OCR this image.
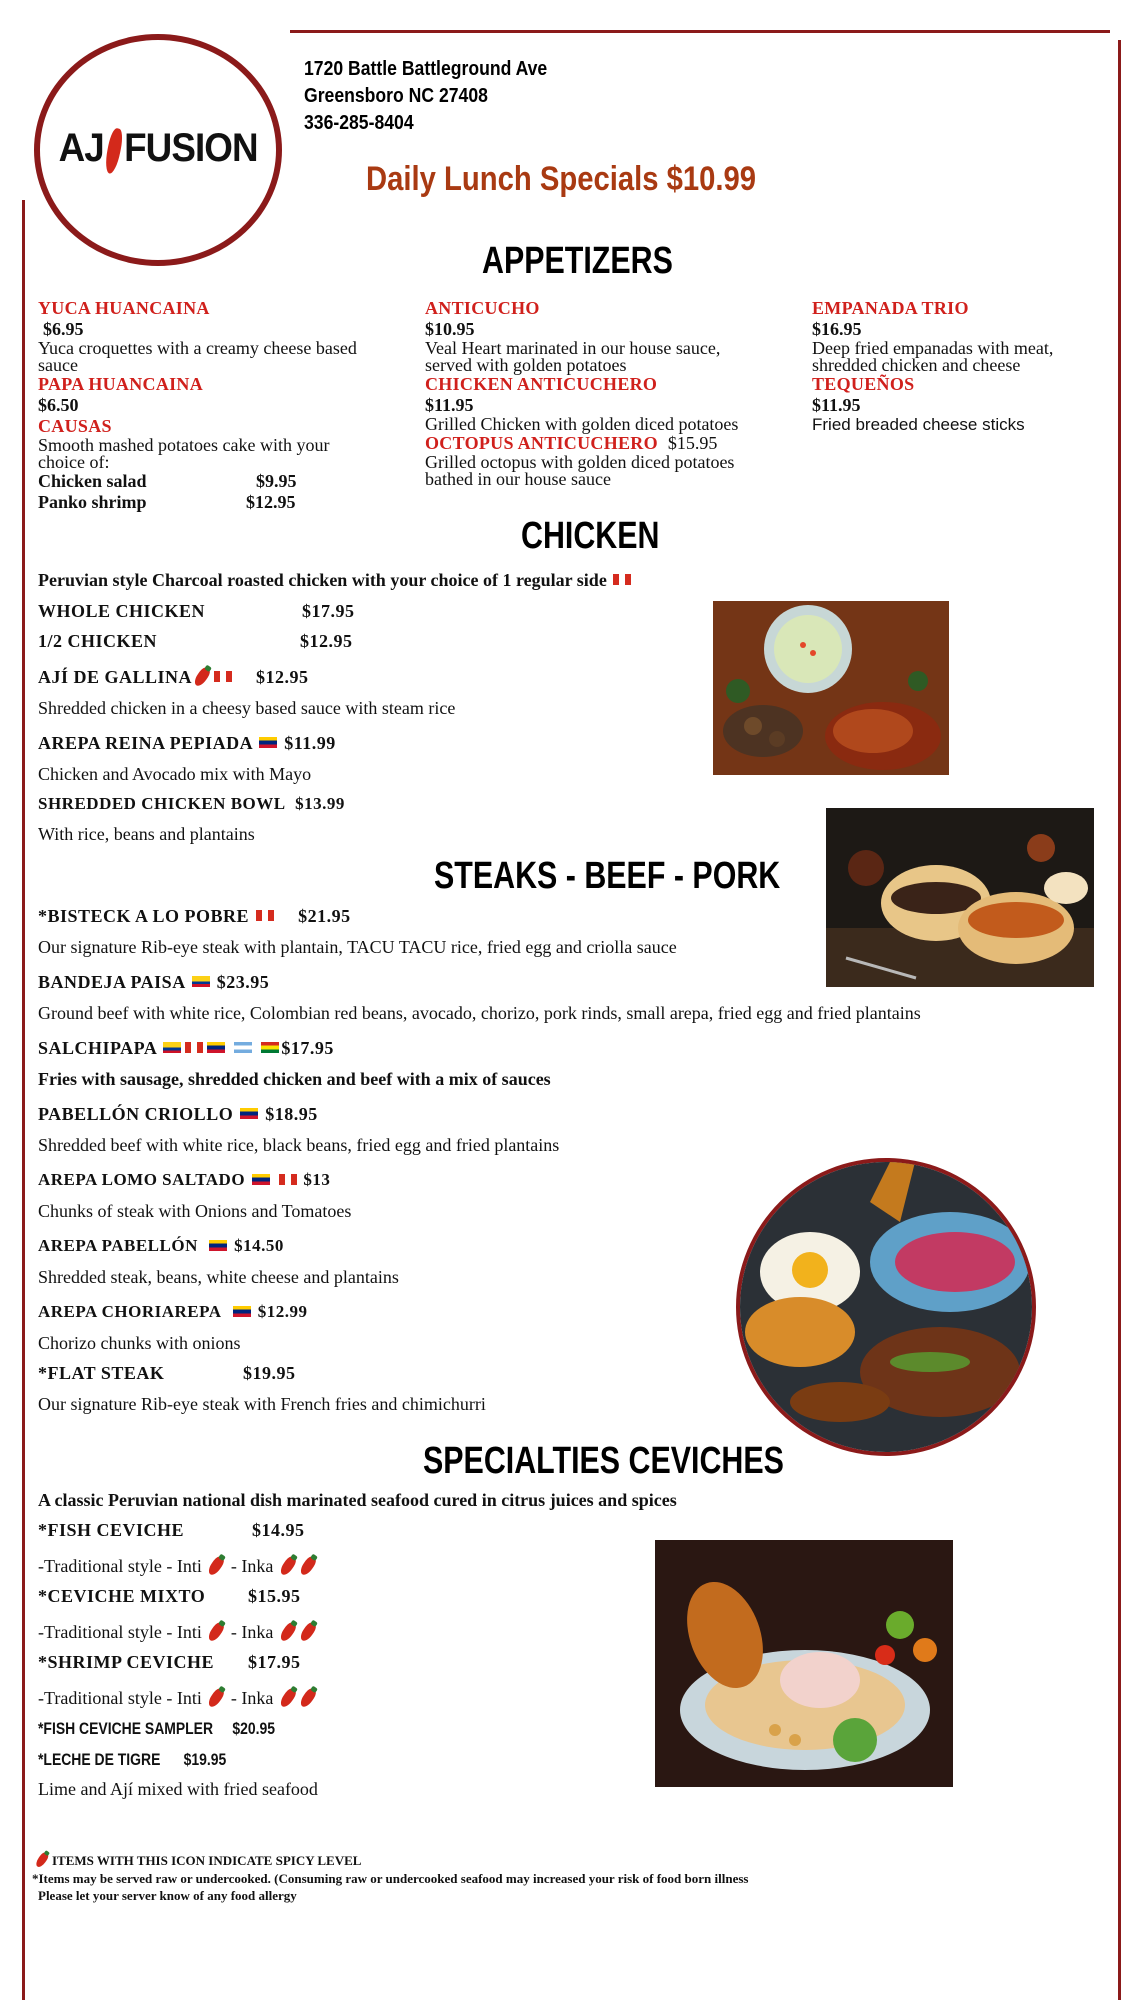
AJ FUSION
1720 Battle Battleground Ave
Greensboro NC 27408
336-285-8404
Daily Lunch Specials $10.99
APPETIZERS

YUCA HUANCAINA

$6.95

Yuca croquettes with a creamy cheese based sauce

PAPA HUANCAINA

$6.50

CAUSAS

Smooth mashed potatoes cake with your choice of:

Chicken salad	$9.95

Panko shrimp	$12.95

ANTICUCHO

$10.95

Veal Heart marinated in our house sauce, served with golden potatoes

CHICKEN ANTICUCHERO

$11.95

Grilled Chicken with golden diced potatoes

OCTOPUS ANTICUCHERO $15.95

Grilled octopus with golden diced potatoes bathed in our house sauce

EMPANADA TRIO

$16.95

Deep fried empanadas with meat, shredded chicken and cheese

TEQUEÑOS

$11.95

Fried breaded cheese sticks

CHICKEN
Peruvian style Charcoal roasted chicken with your choice of 1 regular side
WHOLE CHICKEN	$17.95
1/2 CHICKEN	$12.95
AJÍ DE GALLINA	$12.95
Shredded chicken in a cheesy based sauce with steam rice
AREPA REINA PEPIADA $11.99
Chicken and Avocado mix with Mayo
SHREDDED CHICKEN BOWL $13.99
With rice, beans and plantains
STEAKS - BEEF - PORK
*BISTECK A LO POBRE	$21.95
Our signature Rib-eye steak with plantain, TACU TACU rice, fried egg and criolla sauce
BANDEJA PAISA $23.95
Ground beef with white rice, Colombian red beans, avocado, chorizo, pork rinds, small arepa, fried egg and fried plantains
SALCHIPAPA	$17.95
Fries with sausage, shredded chicken and beef with a mix of sauces
PABELLÓN CRIOLLO $18.95
Shredded beef with white rice, black beans, fried egg and fried plantains
AREPA LOMO SALTADO	$13
Chunks of steak with Onions and Tomatoes
AREPA PABELLÓN $14.50
Shredded steak, beans, white cheese and plantains
AREPA CHORIAREPA $12.99
Chorizo chunks with onions
*FLAT STEAK	$19.95
Our signature Rib-eye steak with French fries and chimichurri
SPECIALTIES CEVICHES
A classic Peruvian national dish marinated seafood cured in citrus juices and spices
*FISH CEVICHE	$14.95
-Traditional style - Inti - Inka
*CEVICHE MIXTO $15.95
-Traditional style - Inti - Inka
*SHRIMP CEVICHE $17.95
-Traditional style - Inti - Inka
*FISH CEVICHE SAMPLER     $20.95
*LECHE DE TIGRE      $19.95
Lime and Ají mixed with fried seafood
ITEMS WITH THIS ICON INDICATE SPICY LEVEL
*Items may be served raw or undercooked. (Consuming raw or undercooked seafood may increased your risk of food born illness
Please let your server know of any food allergy
